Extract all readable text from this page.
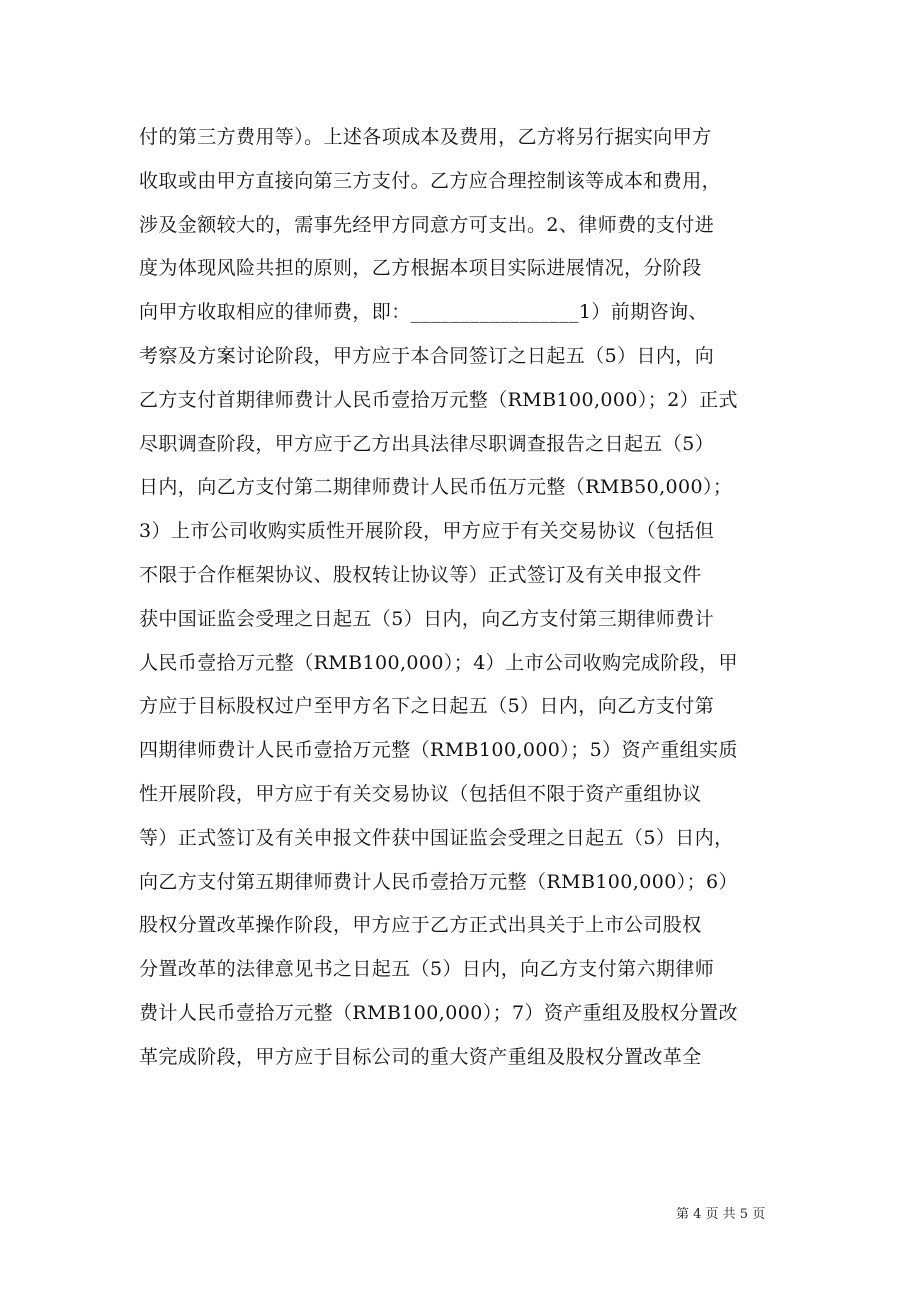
付的第三方费用等）。上述各项成本及费用，乙方将另行据实向甲方
收取或由甲方直接向第三方支付。乙方应合理控制该等成本和费用，
涉及金额较大的，需事先经甲方同意方可支出。2、律师费的支付进
度为体现风险共担的原则，乙方根据本项目实际进展情况，分阶段
向甲方收取相应的律师费，即：_________________1）前期咨询、
考察及方案讨论阶段，甲方应于本合同签订之日起五（5）日内，向
乙方支付首期律师费计人民币壹拾万元整（RMB100,000）；2）正式
尽职调查阶段，甲方应于乙方出具法律尽职调查报告之日起五（5）
日内，向乙方支付第二期律师费计人民币伍万元整（RMB50,000）；
3）上市公司收购实质性开展阶段，甲方应于有关交易协议（包括但
不限于合作框架协议、股权转让协议等）正式签订及有关申报文件
获中国证监会受理之日起五（5）日内，向乙方支付第三期律师费计
人民币壹拾万元整（RMB100,000）；4）上市公司收购完成阶段，甲
方应于目标股权过户至甲方名下之日起五（5）日内，向乙方支付第
四期律师费计人民币壹拾万元整（RMB100,000）；5）资产重组实质
性开展阶段，甲方应于有关交易协议（包括但不限于资产重组协议
等）正式签订及有关申报文件获中国证监会受理之日起五（5）日内，
向乙方支付第五期律师费计人民币壹拾万元整（RMB100,000）；6）
股权分置改革操作阶段，甲方应于乙方正式出具关于上市公司股权
分置改革的法律意见书之日起五（5）日内，向乙方支付第六期律师
费计人民币壹拾万元整（RMB100,000）；7）资产重组及股权分置改
革完成阶段，甲方应于目标公司的重大资产重组及股权分置改革全
第 4 页 共 5 页
